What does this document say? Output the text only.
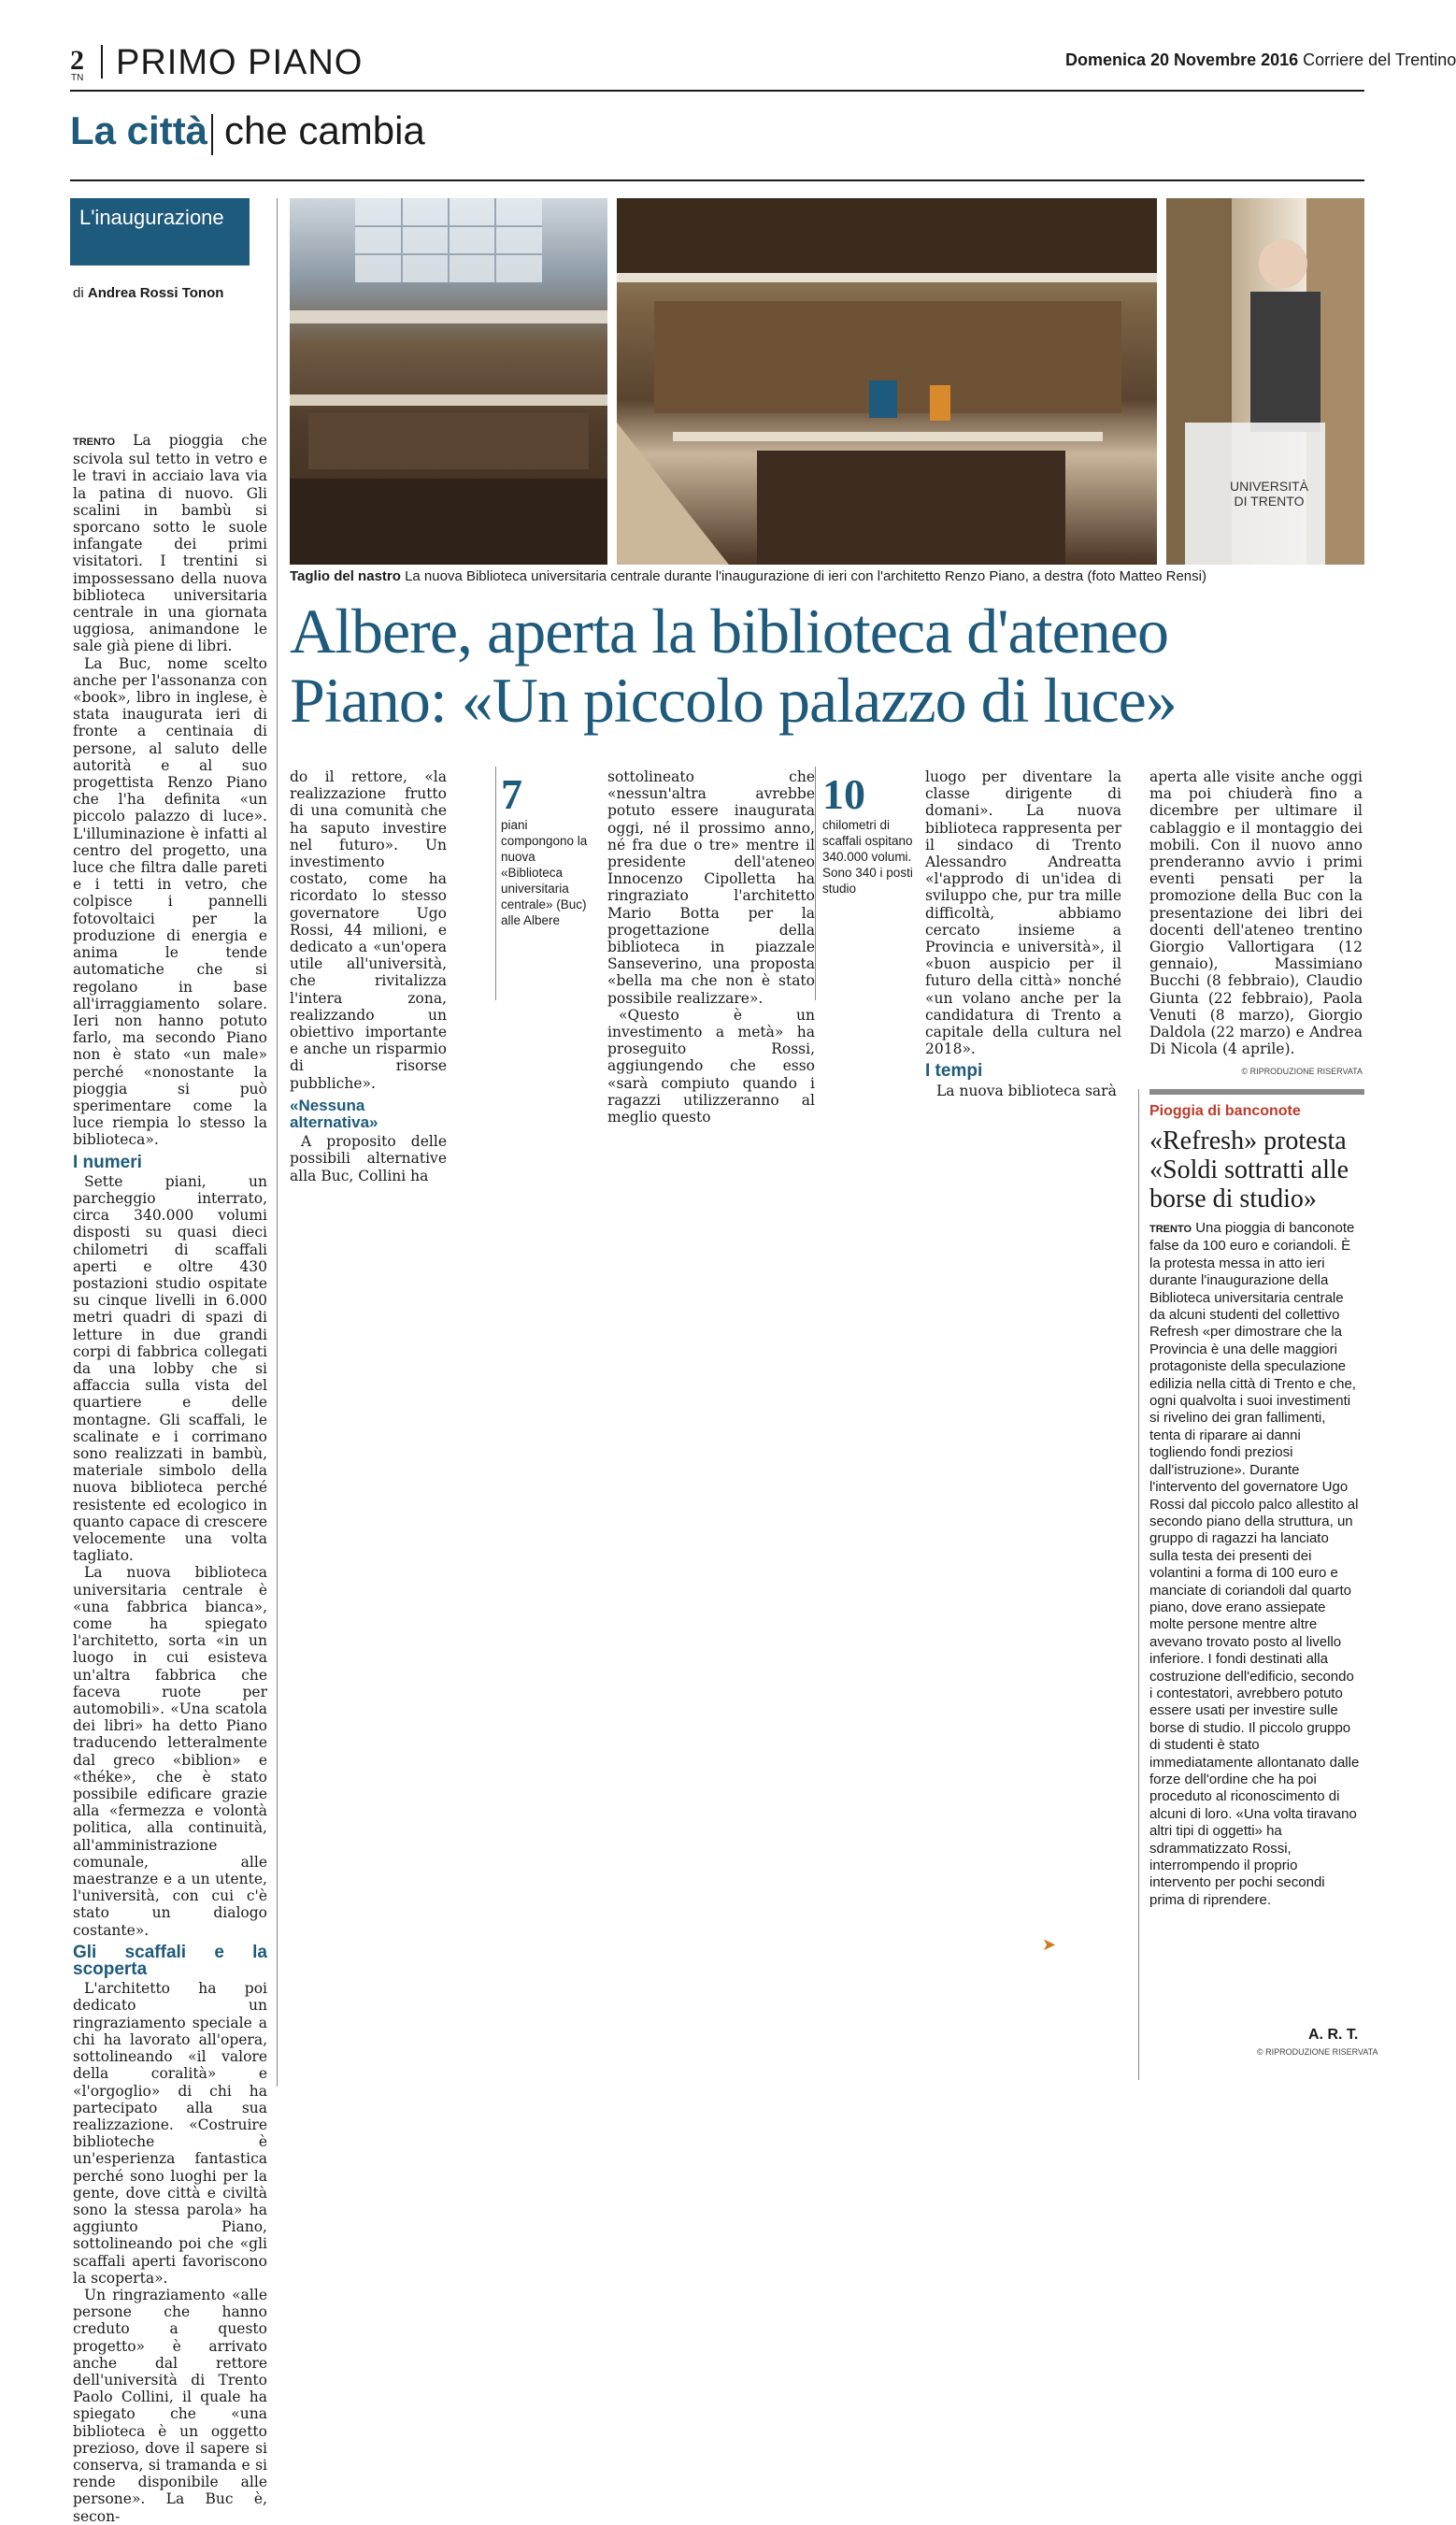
2
TN PRIMO PIANO	Domenica 20 Novembre 2016 Corriere del Trentino
La città che cambia
L'inaugurazione
di Andrea Rossi Tonon
UNIVERSITÀ DI TRENTO
Taglio del nastro La nuova Biblioteca universitaria centrale durante l'inaugurazione di ieri con l'architetto Renzo Piano, a destra (foto Matteo Rensi)
Albere, aperta la biblioteca d'ateneo
Piano: «Un piccolo palazzo di luce»

TRENTO La pioggia che scivola sul tetto in vetro e le travi in acciaio lava via la patina di nuovo. Gli scalini in bambù si sporcano sotto le suole infangate dei primi visitatori. I trentini si impossessano della nuova biblioteca universitaria centrale in una giornata uggiosa, animandone le sale già piene di libri.

La Buc, nome scelto anche per l'assonanza con «book», libro in inglese, è stata inaugurata ieri di fronte a centinaia di persone, al saluto delle autorità e al suo progettista Renzo Piano che l'ha definita «un piccolo palazzo di luce». L'illuminazione è infatti al centro del progetto, una luce che filtra dalle pareti e i tetti in vetro, che colpisce i pannelli fotovoltaici per la produzione di energia e anima le tende automatiche che si regolano in base all'irraggiamento solare. Ieri non hanno potuto farlo, ma secondo Piano non è stato «un male» perché «nonostante la pioggia si può sperimentare come la luce riempia lo stesso la biblioteca».

I numeri

Sette piani, un parcheggio interrato, circa 340.000 volumi disposti su quasi dieci chilometri di scaffali aperti e oltre 430 postazioni studio ospitate su cinque livelli in 6.000 metri quadri di spazi di letture in due grandi corpi di fabbrica collegati da una lobby che si affaccia sulla vista del quartiere e delle montagne. Gli scaffali, le scalinate e i corrimano sono realizzati in bambù, materiale simbolo della nuova biblioteca perché resistente ed ecologico in quanto capace di crescere velocemente una volta tagliato.

La nuova biblioteca universitaria centrale è «una fabbrica bianca», come ha spiegato l'architetto, sorta «in un luogo in cui esisteva un'altra fabbrica che faceva ruote per automobili». «Una scatola dei libri» ha detto Piano traducendo letteralmente dal greco «biblion» e «théke», che è stato possibile edificare grazie alla «fermezza e volontà politica, alla continuità, all'amministrazione comunale, alle maestranze e a un utente, l'università, con cui c'è stato un dialogo costante».

Gli scaffali e la scoperta

L'architetto ha poi dedicato un ringraziamento speciale a chi ha lavorato all'opera, sottolineando «il valore della coralità» e «l'orgoglio» di chi ha partecipato alla sua realizzazione. «Costruire biblioteche è un'esperienza fantastica perché sono luoghi per la gente, dove città e civiltà sono la stessa parola» ha aggiunto Piano, sottolineando poi che «gli scaffali aperti favoriscono la scoperta».

Un ringraziamento «alle persone che hanno creduto a questo progetto» è arrivato anche dal rettore dell'università di Trento Paolo Collini, il quale ha spiegato che «una biblioteca è un oggetto prezioso, dove il sapere si conserva, si tramanda e si rende disponibile alle persone». La Buc è, secon-

do il rettore, «la realizzazione frutto di una comunità che ha saputo investire nel futuro». Un investimento costato, come ha ricordato lo stesso governatore Ugo Rossi, 44 milioni, e dedicato a «un'opera utile all'università, che rivitalizza l'intera zona, realizzando un obiettivo importante e anche un risparmio di risorse pubbliche».

«Nessuna alternativa»

A proposito delle possibili alternative alla Buc, Collini ha

7
piani compongono la nuova «Biblioteca universitaria centrale» (Buc) alle Albere

sottolineato che «nessun'altra avrebbe potuto essere inaugurata oggi, né il prossimo anno, né fra due o tre» mentre il presidente dell'ateneo Innocenzo Cipolletta ha ringraziato l'architetto Mario Botta per la progettazione della biblioteca in piazzale Sanseverino, una proposta «bella ma che non è stato possibile realizzare».

«Questo è un investimento a metà» ha proseguito Rossi, aggiungendo che esso «sarà compiuto quando i ragazzi utilizzeranno al meglio questo

10
chilometri di scaffali ospitano 340.000 volumi. Sono 340 i posti studio

luogo per diventare la classe dirigente di domani». La nuova biblioteca rappresenta per il sindaco di Trento Alessandro Andreatta «l'approdo di un'idea di sviluppo che, pur tra mille difficoltà, abbiamo cercato insieme a Provincia e università», il «buon auspicio per il futuro della città» nonché «un volano anche per la candidatura di Trento a capitale della cultura nel 2018».

I tempi

La nuova biblioteca sarà

aperta alle visite anche oggi ma poi chiuderà fino a dicembre per ultimare il cablaggio e il montaggio dei mobili. Con il nuovo anno prenderanno avvio i primi eventi pensati per la promozione della Buc con la presentazione dei libri dei docenti dell'ateneo trentino Giorgio Vallortigara (12 gennaio), Massimiano Bucchi (8 febbraio), Claudio Giunta (22 febbraio), Paola Venuti (8 marzo), Giorgio Daldola (22 marzo) e Andrea Di Nicola (4 aprile).

© RIPRODUZIONE RISERVATA
Pioggia di banconote
«Refresh» protesta «Soldi sottratti alle borse di studio»

TRENTO Una pioggia di banconote false da 100 euro e coriandoli. È la protesta messa in atto ieri durante l'inaugurazione della Biblioteca universitaria centrale da alcuni studenti del collettivo Refresh «per dimostrare che la Provincia è una delle maggiori protagoniste della speculazione edilizia nella città di Trento e che, ogni qualvolta i suoi investimenti si rivelino dei gran fallimenti, tenta di riparare ai danni togliendo fondi preziosi dall'istruzione». Durante l'intervento del governatore Ugo Rossi dal piccolo palco allestito al secondo piano della struttura, un gruppo di ragazzi ha lanciato sulla testa dei presenti dei volantini a forma di 100 euro e manciate di coriandoli dal quarto piano, dove erano assiepate molte persone mentre altre avevano trovato posto al livello inferiore. I fondi destinati alla costruzione dell'edificio, secondo i contestatori, avrebbero potuto essere usati per investire sulle borse di studio. Il piccolo gruppo di studenti è stato immediatamente allontanato dalle forze dell'ordine che ha poi proceduto al riconoscimento di alcuni di loro. «Una volta tiravano altri tipi di oggetti» ha sdrammatizzato Rossi, interrompendo il proprio intervento per pochi secondi prima di riprendere.

A. R. T.
© RIPRODUZIONE RISERVATA
➤
